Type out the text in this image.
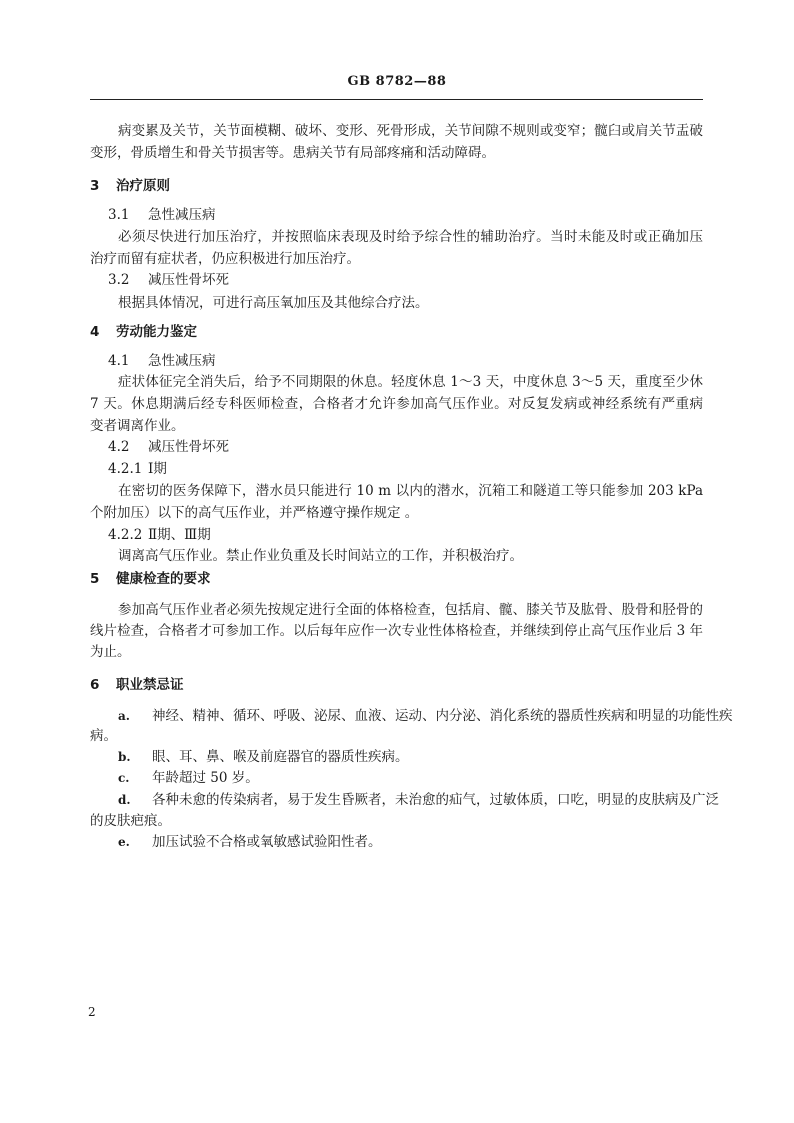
GB 8782—88
病变累及关节，关节面模糊、破坏、变形、死骨形成，关节间隙不规则或变窄；髋臼或肩关节盂破
变形，骨质增生和骨关节损害等。患病关节有局部疼痛和活动障碍。
3 治疗原则
3.1 急性减压病
必须尽快进行加压治疗，并按照临床表现及时给予综合性的辅助治疗。当时未能及时或正确加压
治疗而留有症状者，仍应积极进行加压治疗。
3.2 减压性骨坏死
根据具体情况，可进行高压氧加压及其他综合疗法。
4 劳动能力鉴定
4.1 急性减压病
症状体征完全消失后，给予不同期限的休息。轻度休息 1～3 天，中度休息 3～5 天，重度至少休
7 天。休息期满后经专科医师检查，合格者才允许参加高气压作业。对反复发病或神经系统有严重病
变者调离作业。
4.2 减压性骨坏死
4.2.1 Ⅰ期
在密切的医务保障下，潜水员只能进行 10 m 以内的潜水，沉箱工和隧道工等只能参加 203 kPa
个附加压）以下的高气压作业，并严格遵守操作规定 。
4.2.2 Ⅱ期、Ⅲ期
调离高气压作业。禁止作业负重及长时间站立的工作，并积极治疗。
5 健康检查的要求
参加高气压作业者必须先按规定进行全面的体格检查，包括肩、髋、膝关节及肱骨、股骨和胫骨的
线片检查，合格者才可参加工作。以后每年应作一次专业性体格检查，并继续到停止高气压作业后 3 年
为止。
6 职业禁忌证
a. 神经、精神、循环、呼吸、泌尿、血液、运动、内分泌、消化系统的器质性疾病和明显的功能性疾
病。
b. 眼、耳、鼻、喉及前庭器官的器质性疾病。
c. 年龄超过 50 岁。
d. 各种未愈的传染病者，易于发生昏厥者，未治愈的疝气，过敏体质，口吃，明显的皮肤病及广泛
的皮肤疤痕。
e. 加压试验不合格或氧敏感试验阳性者。
2
